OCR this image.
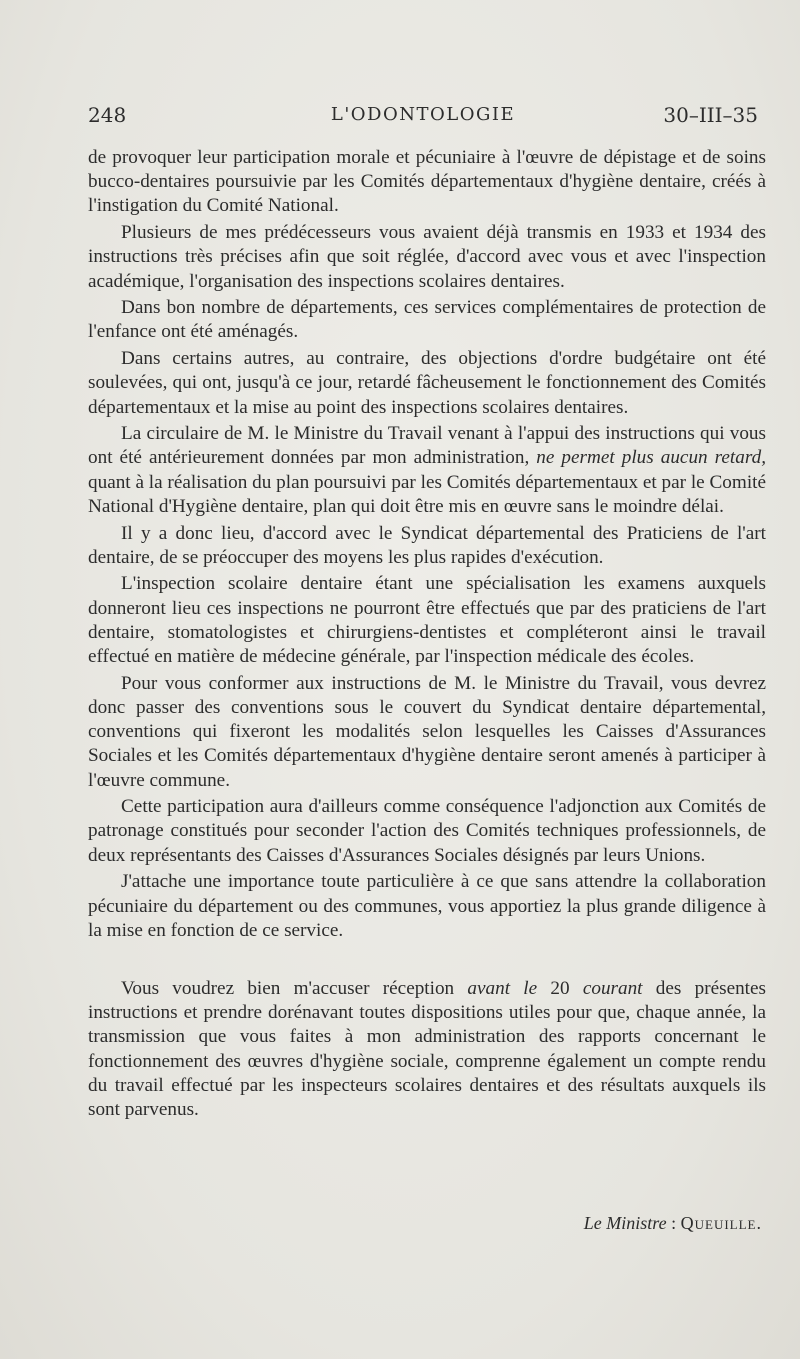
248	L'ODONTOLOGIE	30–III–35

de provoquer leur participation morale et pécuniaire à l'œuvre de dépistage et de soins bucco-dentaires poursuivie par les Comités départementaux d'hygiène dentaire, créés à l'instigation du Comité National.

Plusieurs de mes prédécesseurs vous avaient déjà transmis en 1933 et 1934 des instructions très précises afin que soit réglée, d'accord avec vous et avec l'inspection académique, l'organisation des inspections scolaires dentaires.

Dans bon nombre de départements, ces services complémentaires de protection de l'enfance ont été aménagés.

Dans certains autres, au contraire, des objections d'ordre budgétaire ont été soulevées, qui ont, jusqu'à ce jour, retardé fâcheusement le fonctionnement des Comités départementaux et la mise au point des inspections scolaires dentaires.

La circulaire de M. le Ministre du Travail venant à l'appui des instructions qui vous ont été antérieurement données par mon administration, ne permet plus aucun retard, quant à la réalisation du plan poursuivi par les Comités départementaux et par le Comité National d'Hygiène dentaire, plan qui doit être mis en œuvre sans le moindre délai.

Il y a donc lieu, d'accord avec le Syndicat départemental des Praticiens de l'art dentaire, de se préoccuper des moyens les plus rapides d'exécution.

L'inspection scolaire dentaire étant une spécialisation les examens auxquels donneront lieu ces inspections ne pourront être effectués que par des praticiens de l'art dentaire, stomatologistes et chirurgiens-dentistes et compléteront ainsi le travail effectué en matière de médecine générale, par l'inspection médicale des écoles.

Pour vous conformer aux instructions de M. le Ministre du Travail, vous devrez donc passer des conventions sous le couvert du Syndicat dentaire départemental, conventions qui fixeront les modalités selon lesquelles les Caisses d'Assurances Sociales et les Comités départementaux d'hygiène dentaire seront amenés à participer à l'œuvre commune.

Cette participation aura d'ailleurs comme conséquence l'adjonction aux Comités de patronage constitués pour seconder l'action des Comités techniques professionnels, de deux représentants des Caisses d'Assurances Sociales désignés par leurs Unions.

J'attache une importance toute particulière à ce que sans attendre la collaboration pécuniaire du département ou des communes, vous apportiez la plus grande diligence à la mise en fonction de ce service.

Vous voudrez bien m'accuser réception avant le 20 courant des présentes instructions et prendre dorénavant toutes dispositions utiles pour que, chaque année, la transmission que vous faites à mon administration des rapports concernant le fonctionnement des œuvres d'hygiène sociale, comprenne également un compte rendu du travail effectué par les inspecteurs scolaires dentaires et des résultats auxquels ils sont parvenus.

Le Ministre : Queuille.
